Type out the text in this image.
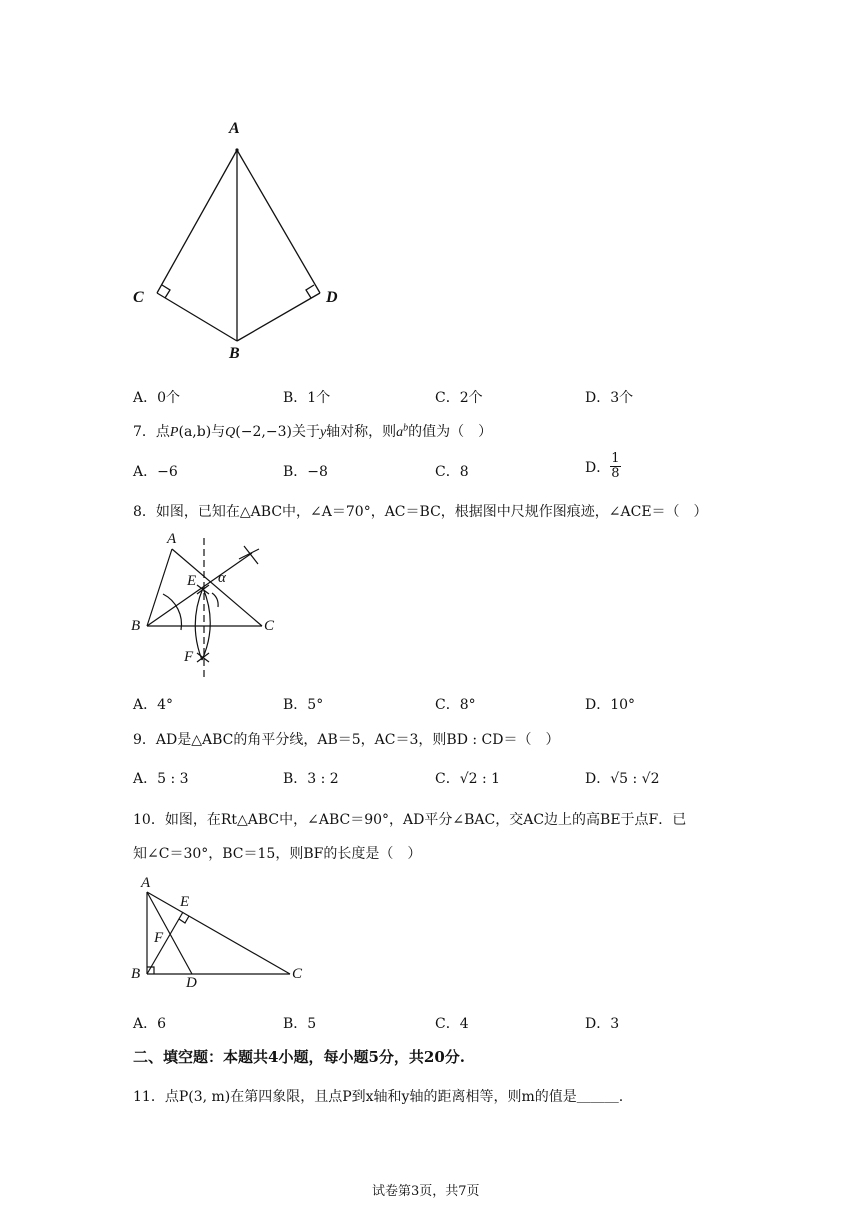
A
C	D
B
A．0个	B．1个	C．2个	D．3个
7．点P(a,b)与Q(−2,−3)关于y轴对称，则$a^b$的值为（　）
A．−6	B．−8	C．8	D． $\frac{1}{8}$
8．如图，已知在△ABC中，∠A＝70°，AC＝BC，根据图中尺规作图痕迹，∠ACE＝（　）
A
E α
B	C
F
A．4°	B．5°	C．8°	D．10°
9．AD是△ABC的角平分线，AB＝5，AC＝3，则BD : CD＝（　）
A．5 : 3	B．3 : 2	C．√2 : 1	D．√5 : √2
10．如图，在Rt△ABC中，∠ABC＝90°，AD平分∠BAC，交AC边上的高BE于点F．已
知∠C＝30°，BC＝15，则BF的长度是（　）
A
E
F
B
D
C
A．6	B．5	C．4	D．3
二、填空题：本题共4小题，每小题5分，共20分.
11．点P(3, m)在第四象限，且点P到x轴和y轴的距离相等，则m的值是＿＿＿.
试卷第3页，共7页
